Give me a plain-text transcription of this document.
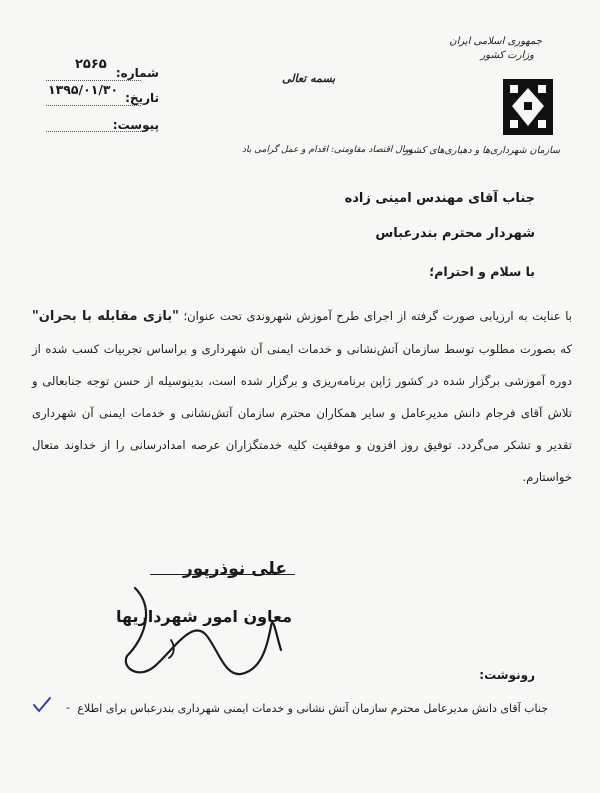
جمهوری اسلامی ایران
وزارت کشور
سازمان شهرداری‌ها و دهیاری‌های کشور
بسمه تعالی
سال اقتصاد مقاومتی: اقدام و عمل گرامی باد
شماره:
۲۵۶۵
تاریخ:
۱۳۹۵/۰۱/۳۰
پیوست:
جناب آقای مهندس امینی زاده
شهردار محترم بندرعباس
با سلام و احترام؛
با عنایت به ارزیابی صورت گرفته از اجرای طرح آموزش شهروندی تحت عنوان؛ "بازی مقابله با بحران" که بصورت مطلوب توسط سازمان آتش‌نشانی و خدمات ایمنی آن شهرداری و براساس تجربیات کسب شده از دوره آموزشی برگزار شده در کشور ژاپن برنامه‌ریزی و برگزار شده است، بدینوسیله از حسن توجه جنابعالی و تلاش آقای فرجام دانش مدیرعامل و سایر همکاران محترم سازمان آتش‌نشانی و خدمات ایمنی آن شهرداری تقدیر و تشکر می‌گردد. توفیق روز افزون و موفقیت کلیه خدمتگزاران عرصه امدادرسانی را از خداوند متعال خواستارم.
علی نوذرپور
معاون امور شهرداریها
رونوشت:
جناب آقای دانش مدیرعامل محترم سازمان آتش نشانی و خدمات ایمنی شهرداری بندرعباس برای اطلاع
-
